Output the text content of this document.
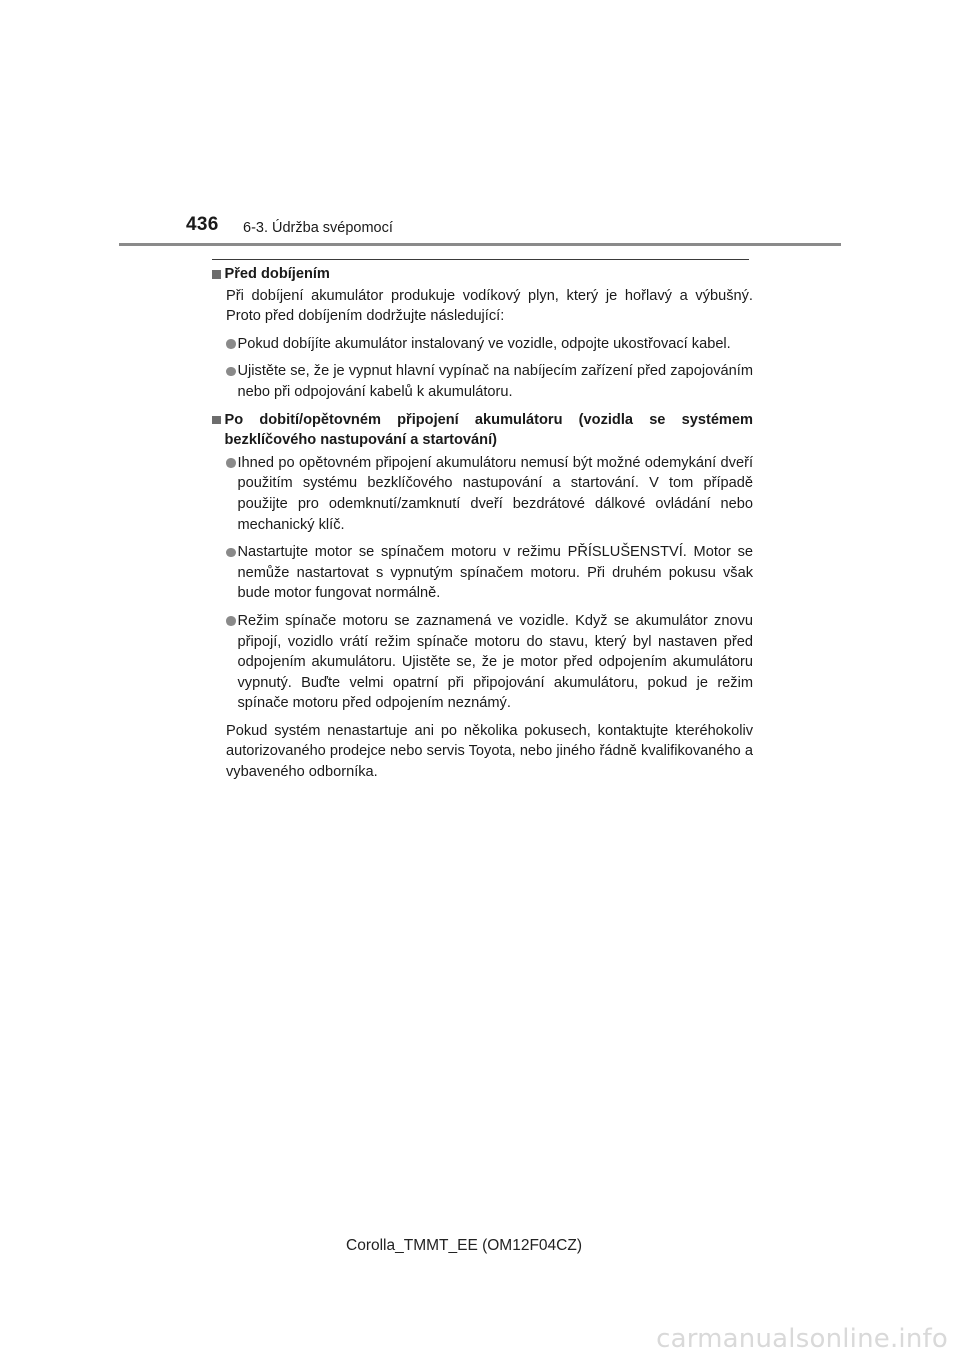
436 6-3. Údržba svépomocí
Před dobíjením
Při dobíjení akumulátor produkuje vodíkový plyn, který je hořlavý a výbušný. Proto před dobíjením dodržujte následující:
Pokud dobíjíte akumulátor instalovaný ve vozidle, odpojte ukostřovací kabel.
Ujistěte se, že je vypnut hlavní vypínač na nabíjecím zařízení před zapojováním nebo při odpojování kabelů k akumulátoru.
Po dobití/opětovném připojení akumulátoru (vozidla se systémem bezklíčového nastupování a startování)
Ihned po opětovném připojení akumulátoru nemusí být možné odemykání dveří použitím systému bezklíčového nastupování a startování. V tom případě použijte pro odemknutí/zamknutí dveří bezdrátové dálkové ovládání nebo mechanický klíč.
Nastartujte motor se spínačem motoru v režimu PŘÍSLUŠENSTVÍ. Motor se nemůže nastartovat s vypnutým spínačem motoru. Při druhém pokusu však bude motor fungovat normálně.
Režim spínače motoru se zaznamená ve vozidle. Když se akumulátor znovu připojí, vozidlo vrátí režim spínače motoru do stavu, který byl nastaven před odpojením akumulátoru. Ujistěte se, že je motor před odpojením akumulátoru vypnutý. Buďte velmi opatrní při připojování akumulátoru, pokud je režim spínače motoru před odpojením neznámý.
Pokud systém nenastartuje ani po několika pokusech, kontaktujte kteréhokoliv autorizovaného prodejce nebo servis Toyota, nebo jiného řádně kvalifikovaného a vybaveného odborníka.
Corolla_TMMT_EE (OM12F04CZ)
carmanualsonline.info
